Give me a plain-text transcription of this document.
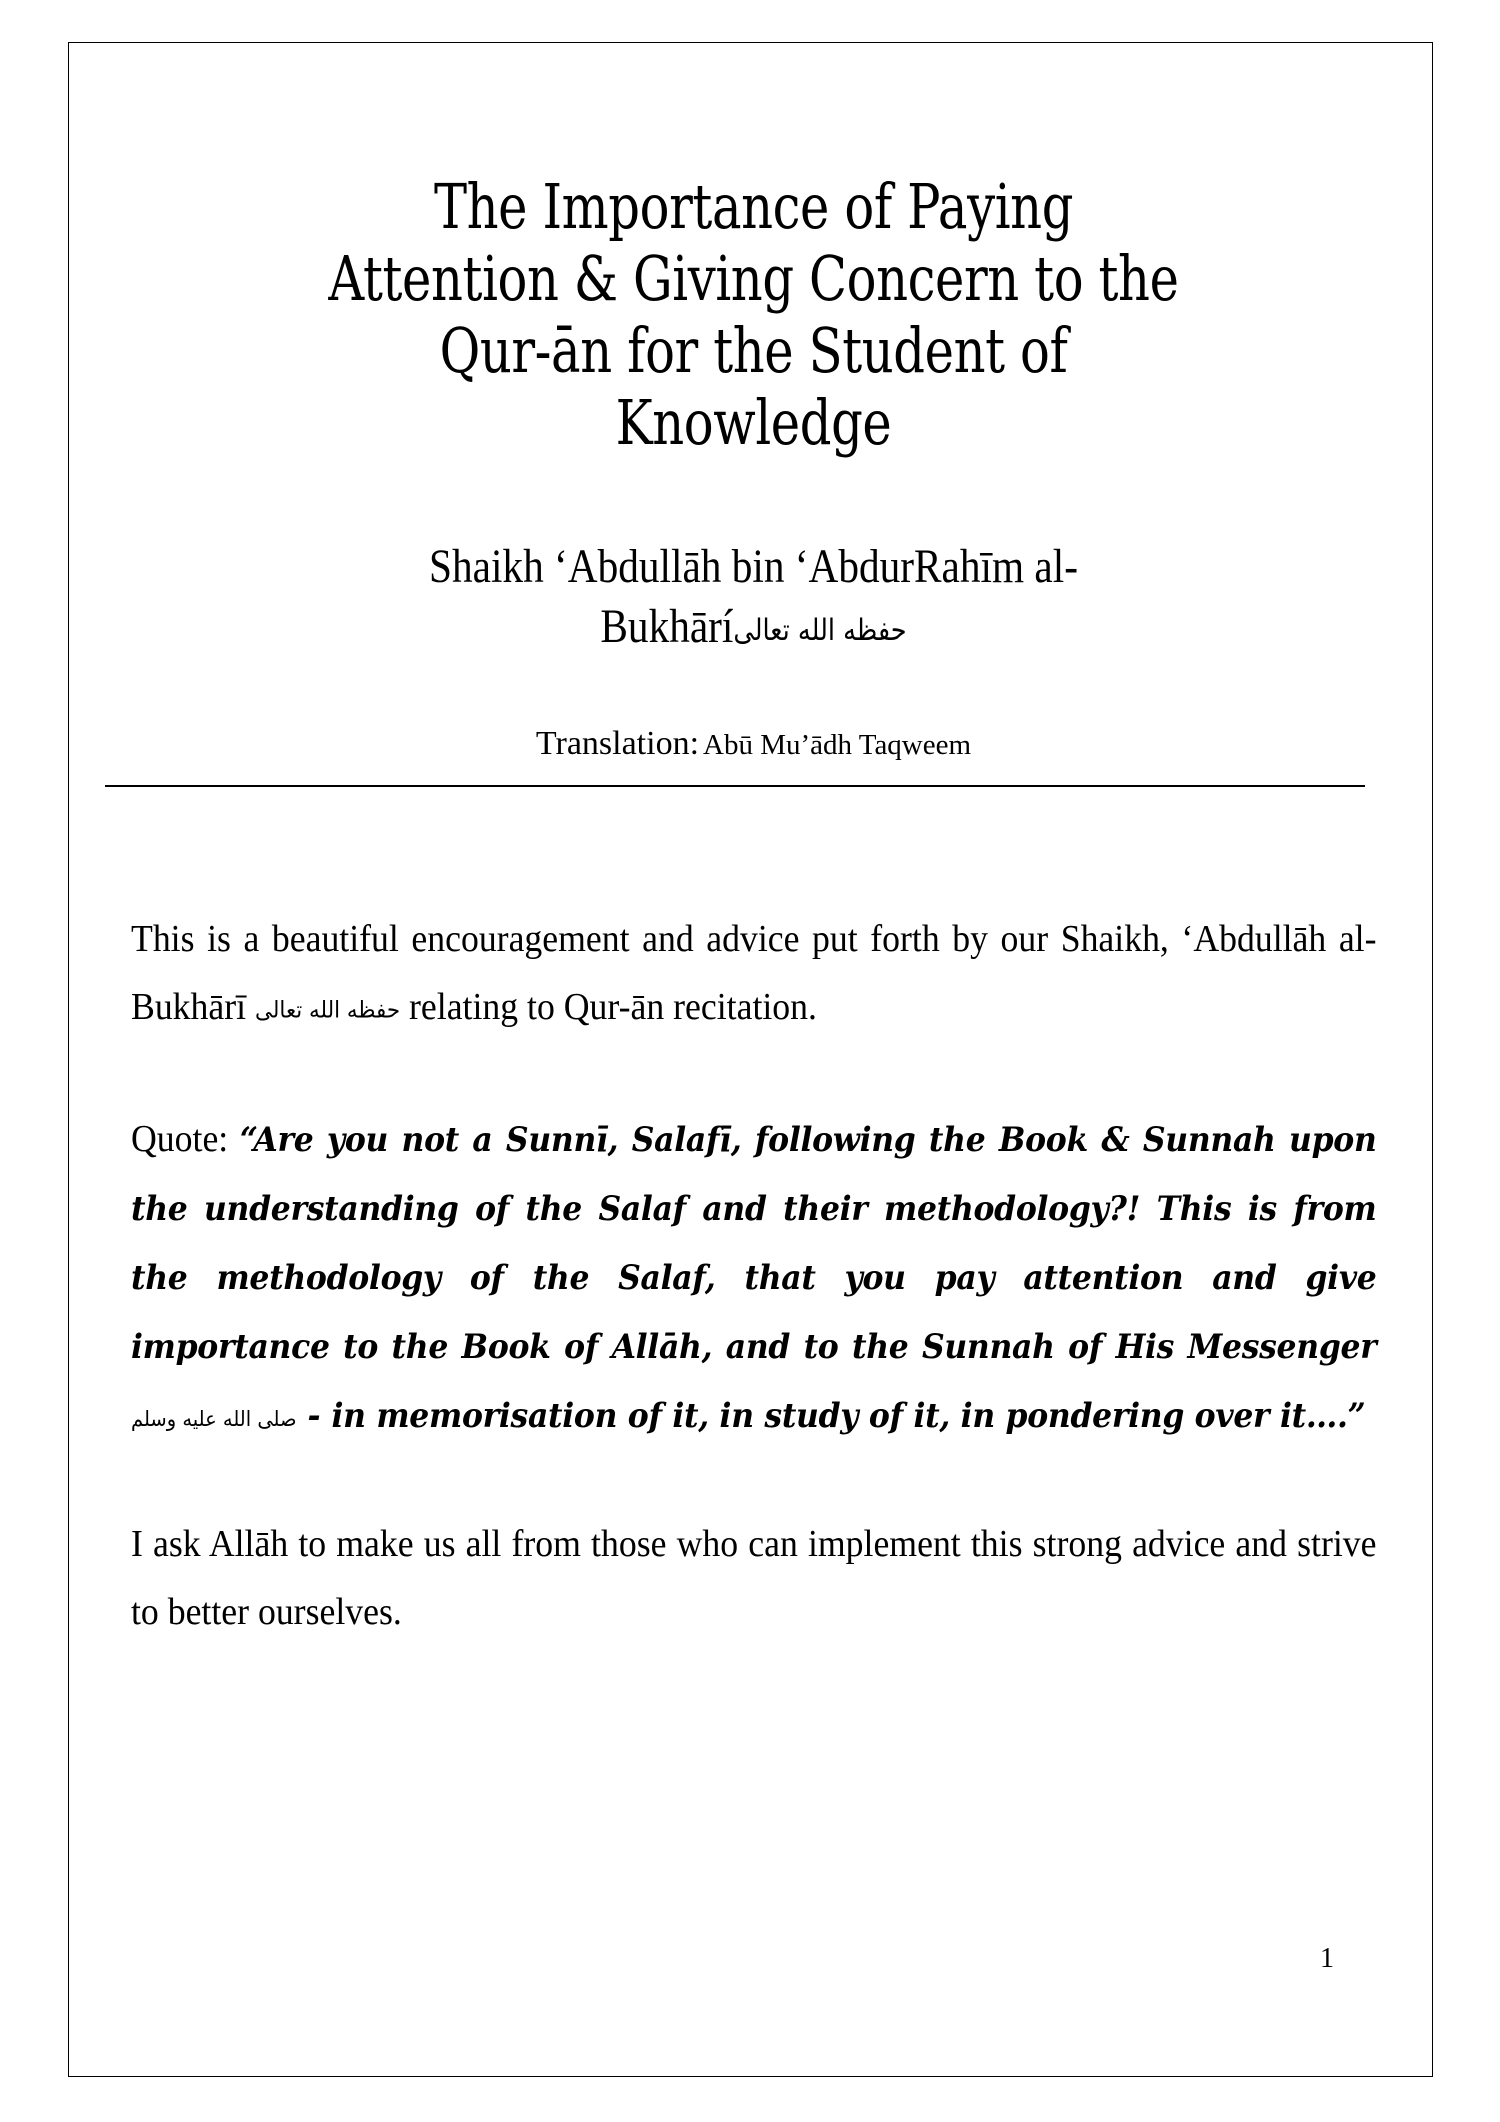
The Importance of Paying
Attention & Giving Concern to the
Qur-ān for the Student of
Knowledge
Shaikh ‘Abdullāh bin ‘AbdurRahīm al-
Bukhāríحفظه الله تعالى
Translation: Abū Mu’ādh Taqweem

This is a beautiful encouragement and advice put forth by our Shaikh, ‘Abdullāh al-Bukhārī حفظه الله تعالى relating to Qur-ān recitation.

Quote: “Are you not a Sunnī, Salafī, following the Book & Sunnah upon the understanding of the Salaf and their methodology?! This is from the methodology of the Salaf, that you pay attention and give importance to the Book of Allāh, and to the Sunnah of His Messenger صلى الله عليه وسلم - in memorisation of it, in study of it, in pondering over it….”

I ask Allāh to make us all from those who can implement this strong advice and strive to better ourselves.

1
